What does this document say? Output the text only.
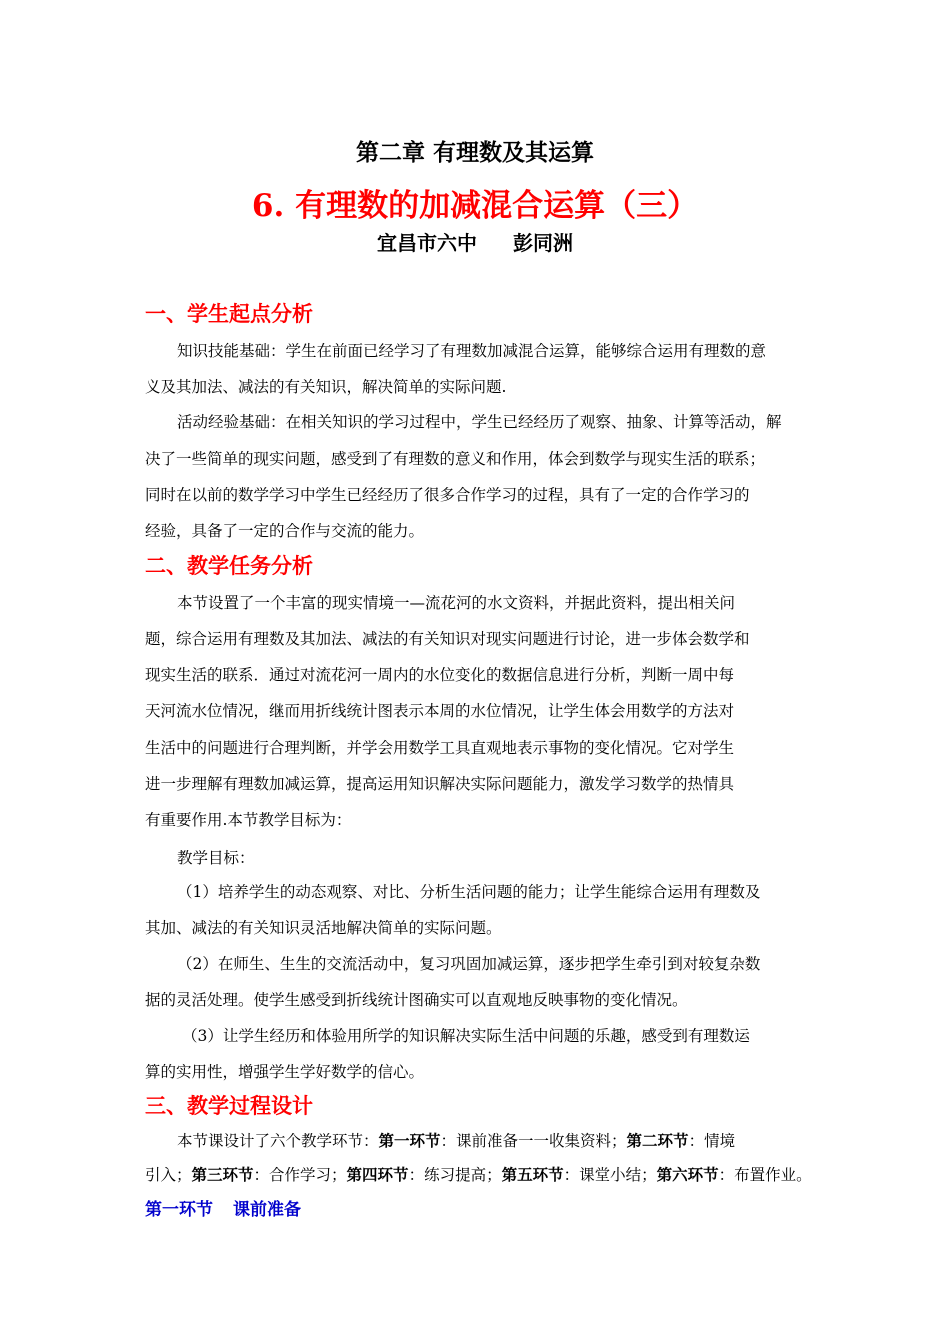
第二章 有理数及其运算
6. 有理数的加减混合运算（三）
宜昌市六中 彭同洲
一、学生起点分析
知识技能基础：学生在前面已经学习了有理数加减混合运算，能够综合运用有理数的意
义及其加法、减法的有关知识，解决简单的实际问题.
活动经验基础：在相关知识的学习过程中，学生已经经历了观察、抽象、计算等活动，解
决了一些简单的现实问题，感受到了有理数的意义和作用，体会到数学与现实生活的联系；
同时在以前的数学学习中学生已经经历了很多合作学习的过程，具有了一定的合作学习的
经验，具备了一定的合作与交流的能力。
二、教学任务分析
本节设置了一个丰富的现实情境一—流花河的水文资料，并据此资料，提出相关问
题，综合运用有理数及其加法、减法的有关知识对现实问题进行讨论，进一步体会数学和
现实生活的联系．通过对流花河一周内的水位变化的数据信息进行分析，判断一周中每
天河流水位情况，继而用折线统计图表示本周的水位情况，让学生体会用数学的方法对
生活中的问题进行合理判断，并学会用数学工具直观地表示事物的变化情况。它对学生
进一步理解有理数加减运算，提高运用知识解决实际问题能力，激发学习数学的热情具
有重要作用.本节教学目标为：
教学目标：
（1）培养学生的动态观察、对比、分析生活问题的能力；让学生能综合运用有理数及
其加、减法的有关知识灵活地解决简单的实际问题。
（2）在师生、生生的交流活动中，复习巩固加减运算，逐步把学生牵引到对较复杂数
据的灵活处理。使学生感受到折线统计图确实可以直观地反映事物的变化情况。
（3）让学生经历和体验用所学的知识解决实际生活中问题的乐趣，感受到有理数运
算的实用性，增强学生学好数学的信心。
三、教学过程设计
本节课设计了六个教学环节：第一环节：课前准备一一收集资料；第二环节：情境
引入；第三环节：合作学习；第四环节：练习提高；第五环节：课堂小结；第六环节：布置作业。
第一环节 课前准备
